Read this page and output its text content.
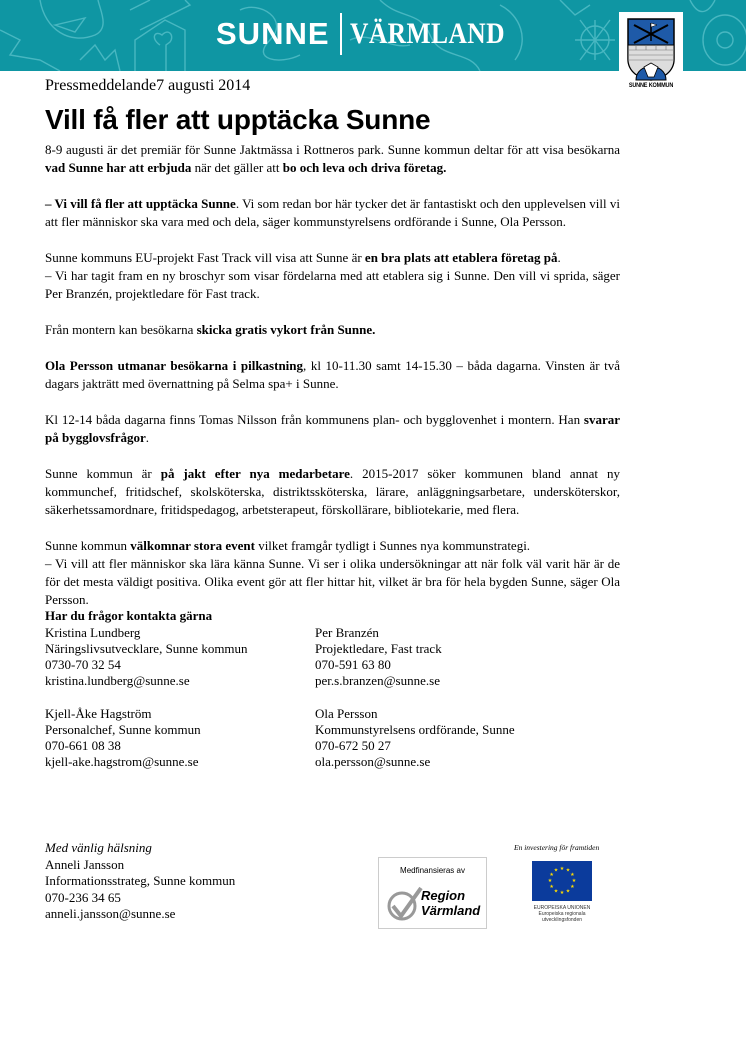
SUNNE VÄRMLAND
SUNNE KOMMUN
Pressmeddelande7 augusti 2014
Vill få fler att upptäcka Sunne

8-9 augusti är det premiär för Sunne Jaktmässa i Rottneros park. Sunne kommun deltar för att visa besökarna vad Sunne har att erbjuda när det gäller att bo och leva och driva företag.

– Vi vill få fler att upptäcka Sunne. Vi som redan bor här tycker det är fantastiskt och den upplevelsen vill vi att fler människor ska vara med och dela, säger kommunstyrelsens ordförande i Sunne, Ola Persson.

Sunne kommuns EU-projekt Fast Track vill visa att Sunne är en bra plats att etablera företag på.
– Vi har tagit fram en ny broschyr som visar fördelarna med att etablera sig i Sunne. Den vill vi sprida, säger Per Branzén, projektledare för Fast track.

Från montern kan besökarna skicka gratis vykort från Sunne.

Ola Persson utmanar besökarna i pilkastning, kl 10-11.30 samt 14-15.30 – båda dagarna. Vinsten är två dagars jakträtt med övernattning på Selma spa+ i Sunne.

Kl 12-14 båda dagarna finns Tomas Nilsson från kommunens plan- och bygglovenhet i montern. Han svarar på bygglovsfrågor.

Sunne kommun är på jakt efter nya medarbetare. 2015-2017 söker kommunen bland annat ny kommunchef, fritidschef, skolsköterska, distriktssköterska, lärare, anläggningsarbetare, undersköterskor, säkerhetssamordnare, fritidspedagog, arbetsterapeut, förskollärare, bibliotekarie, med flera.

Sunne kommun välkomnar stora event vilket framgår tydligt i Sunnes nya kommunstrategi.
– Vi vill att fler människor ska lära känna Sunne. Vi ser i olika undersökningar att när folk väl varit här är de för det mesta väldigt positiva. Olika event gör att fler hittar hit, vilket är bra för hela bygden Sunne, säger Ola Persson.

Har du frågor kontakta gärna
Kristina Lundberg
Näringslivsutvecklare, Sunne kommun
0730-70 32 54
kristina.lundberg@sunne.se
Per Branzén
Projektledare, Fast track
070-591 63 80
per.s.branzen@sunne.se
Kjell-Åke Hagström
Personalchef, Sunne kommun
070-661 08 38
kjell-ake.hagstrom@sunne.se
Ola Persson
Kommunstyrelsens ordförande, Sunne
070-672 50 27
ola.persson@sunne.se
Med vänlig hälsning
Anneli Jansson
Informationsstrateg, Sunne kommun
070-236 34 65
anneli.jansson@sunne.se
Medfinansieras av
Region
Värmland
En investering för framtiden
★ ★
★
★
★
★
★
★
★
★
★
★
EUROPEISKA UNIONEN
Europeiska regionala
utvecklingsfonden
